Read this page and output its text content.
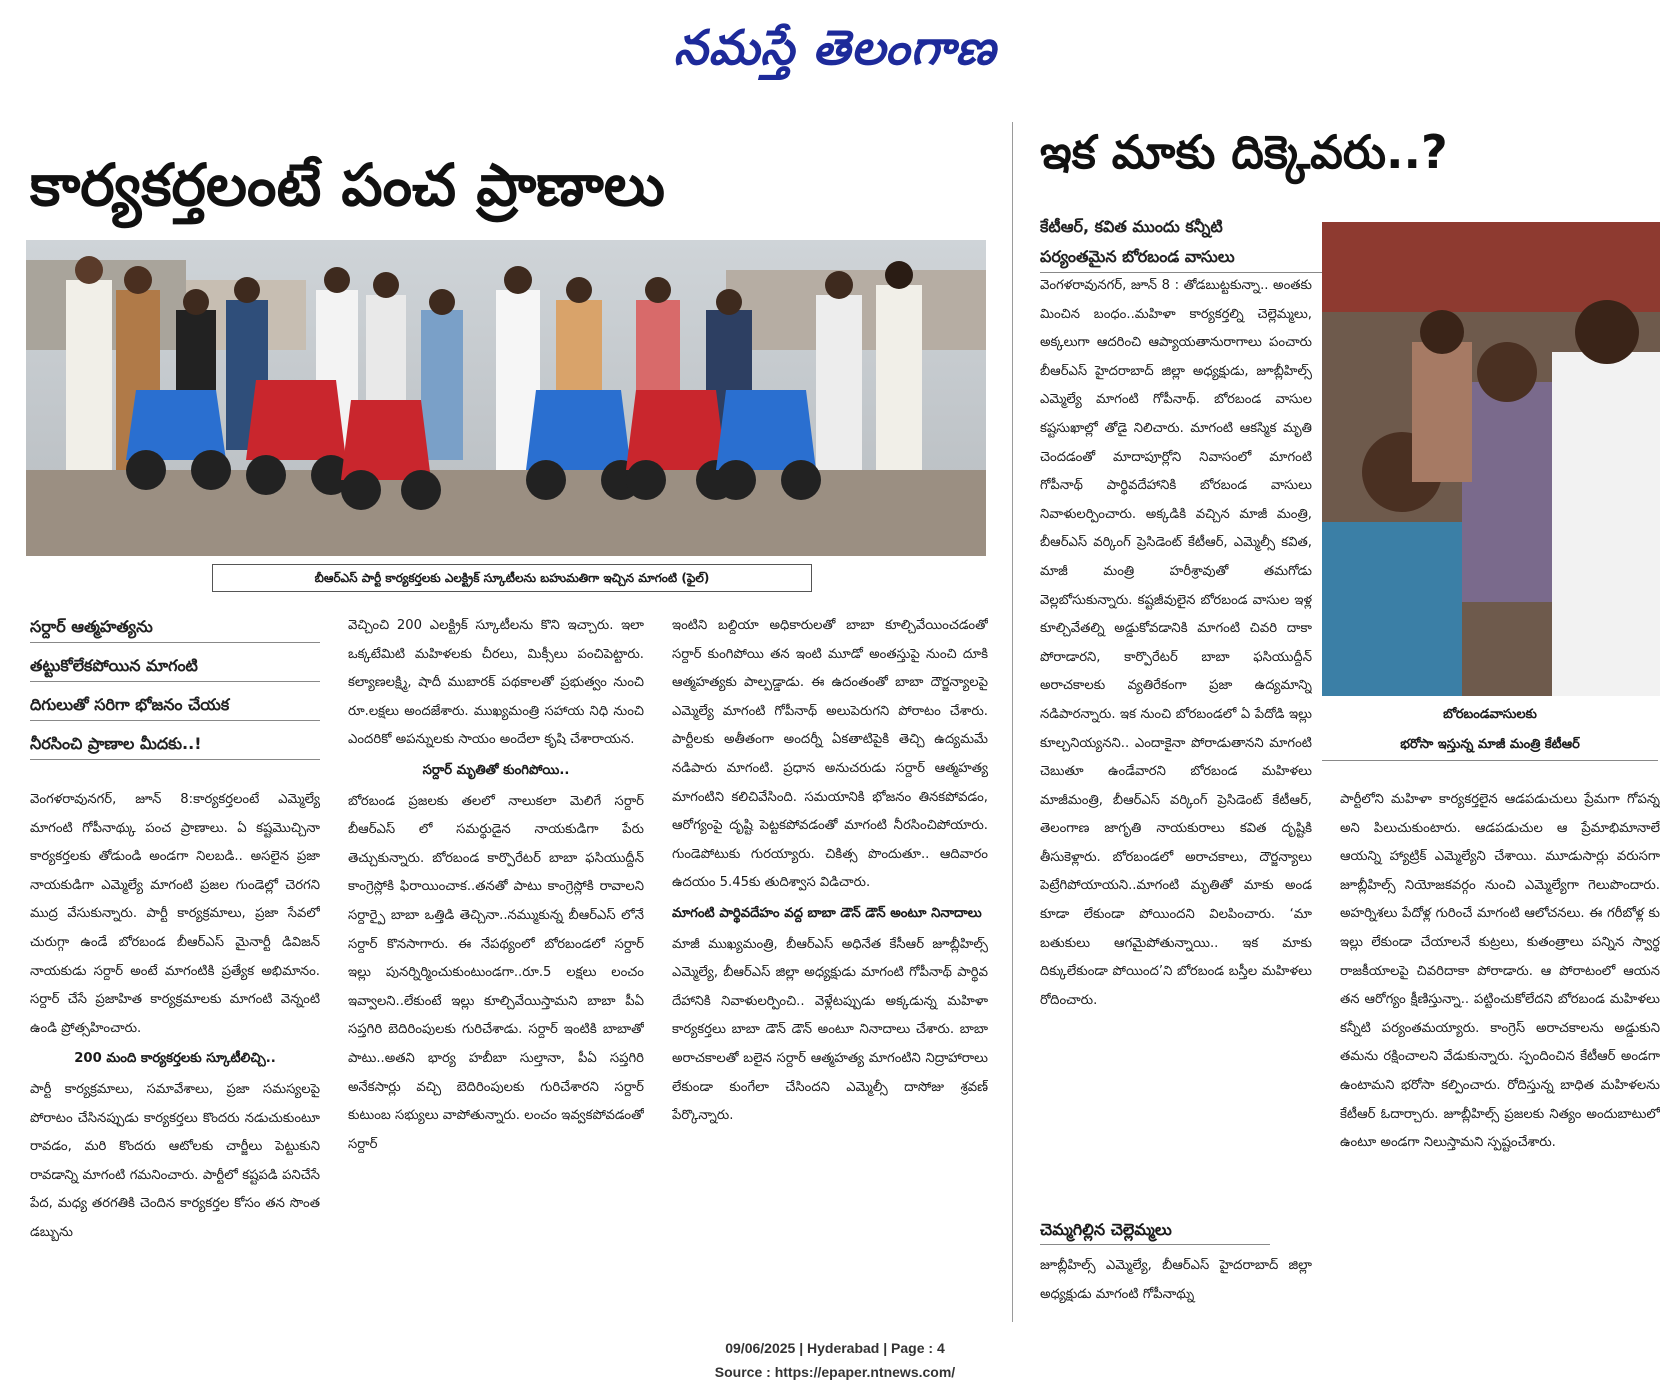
నమస్తే తెలంగాణ
కార్యకర్తలంటే పంచ ప్రాణాలు
బీఆర్ఎస్ పార్టీ కార్యకర్తలకు ఎలక్ట్రిక్ స్కూటీలను బహుమతిగా ఇచ్చిన మాగంటి (ఫైల్)
సర్దార్ ఆత్మహత్యను
తట్టుకోలేకపోయిన మాగంటి
దిగులుతో సరిగా భోజనం చేయక
నీరసించి ప్రాణాల మీదకు..!

వెంగళరావునగర్, జూన్ 8:కార్యకర్తలంటే ఎమ్మెల్యే మాగంటి గోపీనాథ్కు పంచ ప్రాణాలు. ఏ కష్టమొచ్చినా కార్యకర్తలకు తోడుండి అండగా నిలబడి.. అసలైన ప్రజా నాయకుడిగా ఎమ్మెల్యే మాగంటి ప్రజల గుండెల్లో చెరగని ముద్ర వేసుకున్నారు. పార్టీ కార్యక్రమాలు, ప్రజా సేవలో చురుగ్గా ఉండే బోరబండ బీఆర్ఎస్ మైనార్టీ డివిజన్ నాయకుడు సర్దార్ అంటే మాగంటికి ప్రత్యేక అభిమానం. సర్దార్ చేసే ప్రజాహిత కార్యక్రమాలకు మాగంటి వెన్నంటి ఉండి ప్రోత్సహించారు.

200 మంది కార్యకర్తలకు స్కూటీలిచ్చి..

పార్టీ కార్యక్రమాలు, సమావేశాలు, ప్రజా సమస్యలపై పోరాటం చేసినప్పుడు కార్యకర్తలు కొందరు నడుచుకుంటూ రావడం, మరి కొందరు ఆటోలకు చార్జీలు పెట్టుకుని రావడాన్ని మాగంటి గమనించారు. పార్టీలో కష్టపడి పనిచేసే పేద, మధ్య తరగతికి చెందిన కార్యకర్తల కోసం తన సొంత డబ్బును

వెచ్చించి 200 ఎలక్ట్రిక్ స్కూటీలను కొని ఇచ్చారు. ఇలా ఒక్కటేమిటి మహిళలకు చీరలు, మిక్సీలు పంచిపెట్టారు. కల్యాణలక్ష్మి, షాదీ ముబారక్ పథకాలతో ప్రభుత్వం నుంచి రూ.లక్షలు అందజేశారు. ముఖ్యమంత్రి సహాయ నిధి నుంచి ఎందరికో అపన్నులకు సాయం అందేలా కృషి చేశారాయన.

సర్దార్ మృతితో కుంగిపోయి..

బోరబండ ప్రజలకు తలలో నాలుకలా మెలిగే సర్దార్ బీఆర్ఎస్ లో సమర్థుడైన నాయకుడిగా పేరు తెచ్చుకున్నారు. బోరబండ కార్పొరేటర్ బాబా ఫసియుద్దీన్ కాంగ్రెస్లోకి ఫిరాయించాక..తనతో పాటు కాంగ్రెస్లోకి రావాలని సర్దార్పై బాబా ఒత్తిడి తెచ్చినా..నమ్ముకున్న బీఆర్ఎస్ లోనే సర్దార్ కొనసాగారు. ఈ నేపథ్యంలో బోరబండలో సర్దార్ ఇల్లు పునర్నిర్మించుకుంటుండగా..రూ.5 లక్షలు లంచం ఇవ్వాలని..లేకుంటే ఇల్లు కూల్చివేయిస్తామని బాబా పీఏ సప్తగిరి బెదిరింపులకు గురిచేశాడు. సర్దార్ ఇంటికి బాబాతో పాటు..అతని భార్య హబీబా సుల్తానా, పీఏ సప్తగిరి అనేకసార్లు వచ్చి బెదిరింపులకు గురిచేశారని సర్దార్ కుటుంబ సభ్యులు వాపోతున్నారు. లంచం ఇవ్వకపోవడంతో సర్దార్

ఇంటిని బల్దియా అధికారులతో బాబా కూల్చివేయించడంతో సర్దార్ కుంగిపోయి తన ఇంటి మూడో అంతస్తుపై నుంచి దూకి ఆత్మహత్యకు పాల్పడ్డాడు. ఈ ఉదంతంతో బాబా దౌర్జన్యాలపై ఎమ్మెల్యే మాగంటి గోపీనాథ్ అలుపెరుగని పోరాటం చేశారు. పార్టీలకు అతీతంగా అందర్నీ ఏకతాటిపైకి తెచ్చి ఉద్యమమే నడిపారు మాగంటి. ప్రధాన అనుచరుడు సర్దార్ ఆత్మహత్య మాగంటిని కలిచివేసింది. సమయానికి భోజనం తినకపోవడం, ఆరోగ్యంపై దృష్టి పెట్టకపోవడంతో మాగంటి నీరసించిపోయారు. గుండెపోటుకు గురయ్యారు. చికిత్స పొందుతూ.. ఆదివారం ఉదయం 5.45కు తుదిశ్వాస విడిచారు.

మాగంటి పార్థివదేహం వద్ద బాబా డౌన్ డౌన్ అంటూ నినాదాలు

మాజీ ముఖ్యమంత్రి, బీఆర్ఎస్ అధినేత కేసీఆర్ జూబ్లీహిల్స్ ఎమ్మెల్యే, బీఆర్ఎస్ జిల్లా అధ్యక్షుడు మాగంటి గోపీనాథ్ పార్థివ దేహానికి నివాళులర్పించి.. వెళ్లేటప్పుడు అక్కడున్న మహిళా కార్యకర్తలు బాబా డౌన్ డౌన్ అంటూ నినాదాలు చేశారు. బాబా అరాచకాలతో బలైన సర్దార్ ఆత్మహత్య మాగంటిని నిద్రాహారాలు లేకుండా కుంగేలా చేసిందని ఎమ్మెల్సీ దాసోజు శ్రవణ్ పేర్కొన్నారు.

ఇక మాకు దిక్కెవరు..?
కేటీఆర్, కవిత ముందు కన్నీటి
పర్యంతమైన బోరబండ వాసులు
బోరబండవాసులకు
భరోసా ఇస్తున్న మాజీ మంత్రి కేటీఆర్

వెంగళరావునగర్, జూన్ 8 : తోడబుట్టకున్నా.. అంతకు మించిన బంధం..మహిళా కార్యకర్తల్ని చెల్లెమ్మలు, అక్కలుగా ఆదరించి ఆప్యాయతానురాగాలు పంచారు బీఆర్ఎస్ హైదరాబాద్ జిల్లా అధ్యక్షుడు, జూబ్లీహిల్స్ ఎమ్మెల్యే మాగంటి గోపీనాథ్. బోరబండ వాసుల కష్టసుఖాల్లో తోడై నిలిచారు. మాగంటి ఆకస్మిక మృతి చెందడంతో మాదాపూర్లోని నివాసంలో మాగంటి గోపీనాథ్ పార్థివదేహానికి బోరబండ వాసులు నివాళులర్పించారు. అక్కడికి వచ్చిన మాజీ మంత్రి, బీఆర్ఎస్ వర్కింగ్ ప్రెసిడెంట్ కేటీఆర్, ఎమ్మెల్సీ కవిత, మాజీ మంత్రి హరీశ్రావుతో తమగోడు వెల్లబోసుకున్నారు. కష్టజీవులైన బోరబండ వాసుల ఇళ్ల కూల్చివేతల్ని అడ్డుకోవడానికి మాగంటి చివరి దాకా పోరాడారని, కార్పొరేటర్ బాబా ఫసియుద్దీన్ అరాచకాలకు వ్యతిరేకంగా ప్రజా ఉద్యమాన్ని నడిపారన్నారు. ఇక నుంచి బోరబండలో ఏ పేదోడి ఇల్లు కూల్చనియ్యనని.. ఎందాకైనా పోరాడుతానని మాగంటి చెబుతూ ఉండేవారని బోరబండ మహిళలు మాజీమంత్రి, బీఆర్ఎస్ వర్కింగ్ ప్రెసిడెంట్ కేటీఆర్, తెలంగాణ జాగృతి నాయకురాలు కవిత దృష్టికి తీసుకెళ్లారు. బోరబండలో అరాచకాలు, దౌర్జన్యాలు పెట్రేగిపోయాయని..మాగంటి మృతితో మాకు అండ కూడా లేకుండా పోయిందని విలపించారు. ‘మా బతుకులు ఆగమైపోతున్నాయి.. ఇక మాకు దిక్కులేకుండా పోయింద’ని బోరబండ బస్తీల మహిళలు రోదించారు.

చెమ్మగిల్లిన చెల్లెమ్మలు

జూబ్లీహిల్స్ ఎమ్మెల్యే, బీఆర్ఎస్ హైదరాబాద్ జిల్లా అధ్యక్షుడు మాగంటి గోపీనాథ్ను

పార్టీలోని మహిళా కార్యకర్తలైన ఆడపడుచులు ప్రేమగా గోపన్న అని పిలుచుకుంటారు. ఆడపడుచుల ఆ ప్రేమాభిమానాలే ఆయన్ని హ్యాట్రిక్ ఎమ్మెల్యేని చేశాయి. మూడుసార్లు వరుసగా జూబ్లీహిల్స్ నియోజకవర్గం నుంచి ఎమ్మెల్యేగా గెలుపొందారు. అహర్నిశలు పేదోళ్ల గురించే మాగంటి ఆలోచనలు. ఈ గరీబోళ్ల కు ఇల్లు లేకుండా చేయాలనే కుట్రలు, కుతంత్రాలు పన్నిన స్వార్థ రాజకీయాలపై చివరిదాకా పోరాడారు. ఆ పోరాటంలో ఆయన తన ఆరోగ్యం క్షీణిస్తున్నా.. పట్టించుకోలేదని బోరబండ మహిళలు కన్నీటి పర్యంతమయ్యారు. కాంగ్రెస్ అరాచకాలను అడ్డుకుని తమను రక్షించాలని వేడుకున్నారు. స్పందించిన కేటీఆర్ అండగా ఉంటామని భరోసా కల్పించారు. రోదిస్తున్న బాధిత మహిళలను కేటీఆర్ ఓదార్చారు. జూబ్లీహిల్స్ ప్రజలకు నిత్యం అందుబాటులో ఉంటూ అండగా నిలుస్తామని స్పష్టంచేశారు.

09/06/2025 | Hyderabad | Page : 4
Source : https://epaper.ntnews.com/
